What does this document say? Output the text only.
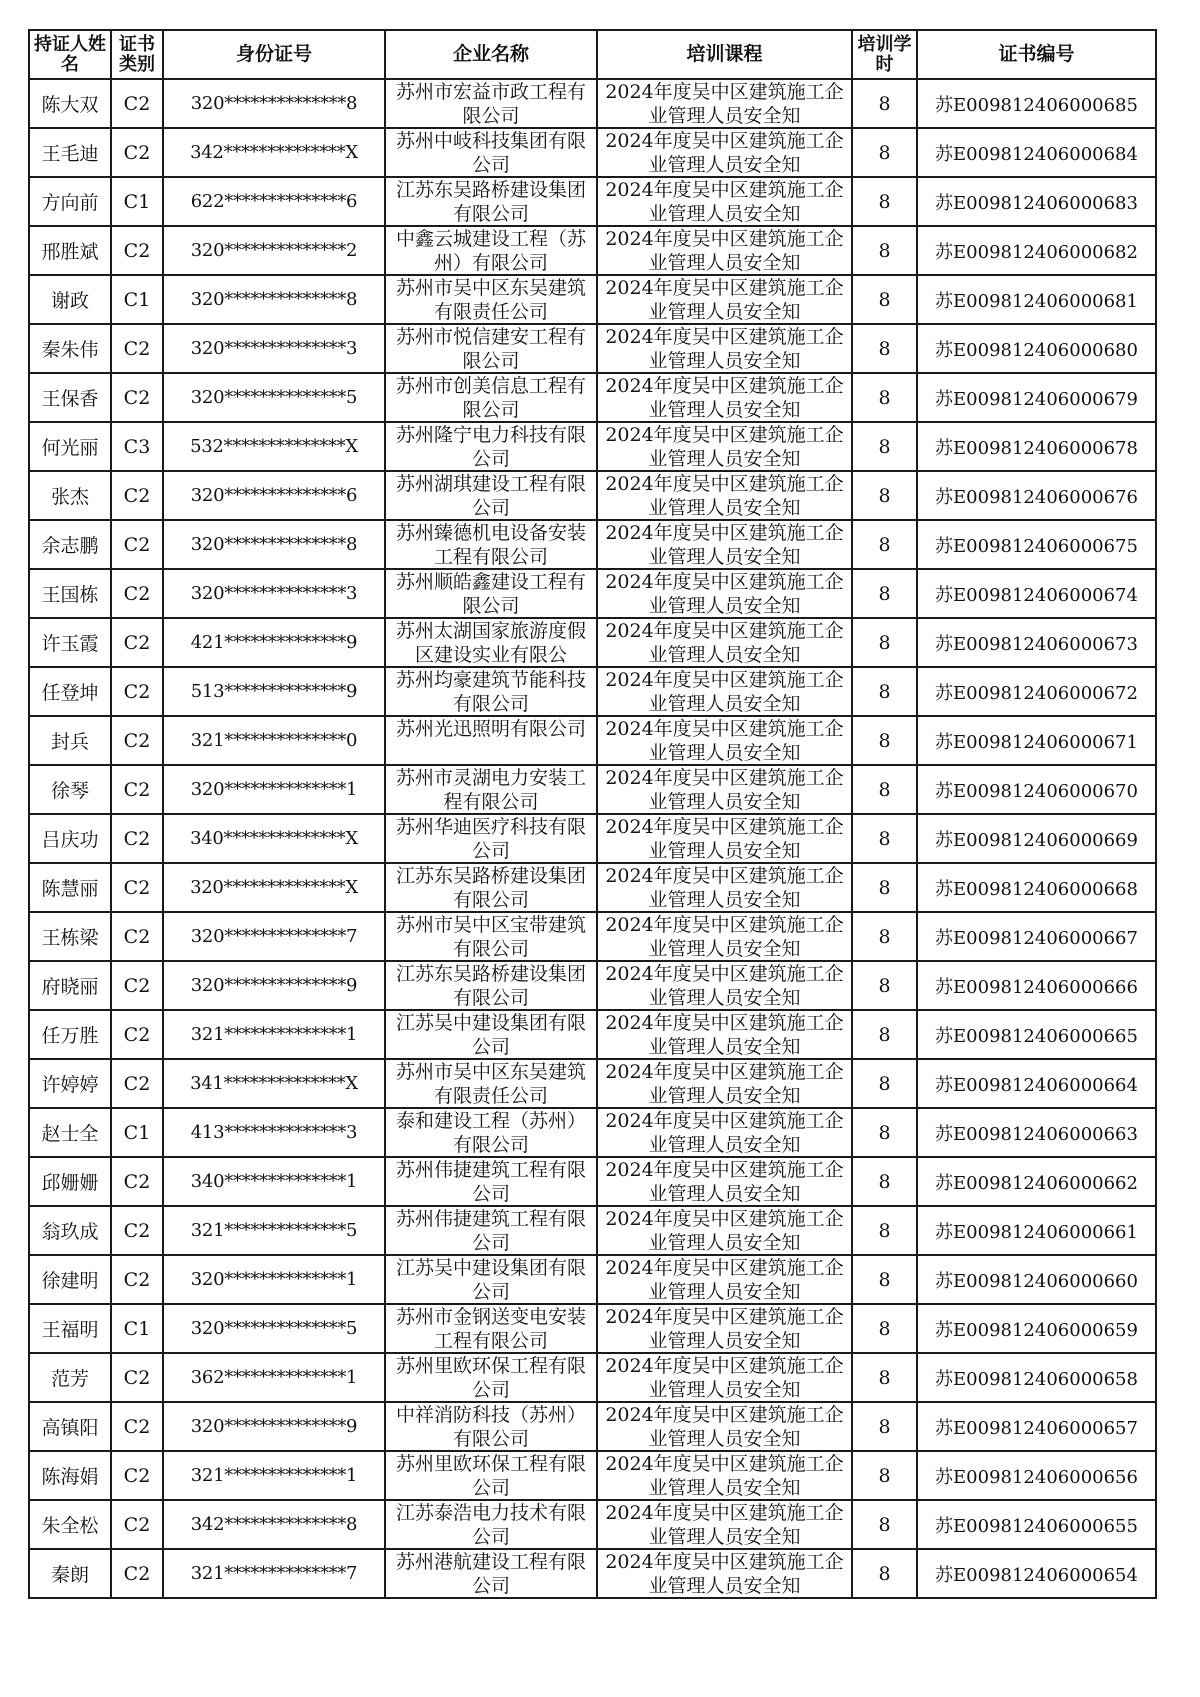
持证人姓名	证书类别	身份证号	企业名称	培训课程	培训学时	证书编号
陈大双	C2	320**************8	苏州市宏益市政工程有限公司	2024年度吴中区建筑施工企业管理人员安全知	8	苏E009812406000685
王毛迪	C2	342**************X	苏州中岐科技集团有限公司	2024年度吴中区建筑施工企业管理人员安全知	8	苏E009812406000684
方向前	C1	622**************6	江苏东吴路桥建设集团有限公司	2024年度吴中区建筑施工企业管理人员安全知	8	苏E009812406000683
邢胜斌	C2	320**************2	中鑫云城建设工程（苏州）有限公司	2024年度吴中区建筑施工企业管理人员安全知	8	苏E009812406000682
谢政	C1	320**************8	苏州市吴中区东吴建筑有限责任公司	2024年度吴中区建筑施工企业管理人员安全知	8	苏E009812406000681
秦朱伟	C2	320**************3	苏州市悦信建安工程有限公司	2024年度吴中区建筑施工企业管理人员安全知	8	苏E009812406000680
王保香	C2	320**************5	苏州市创美信息工程有限公司	2024年度吴中区建筑施工企业管理人员安全知	8	苏E009812406000679
何光丽	C3	532**************X	苏州隆宁电力科技有限公司	2024年度吴中区建筑施工企业管理人员安全知	8	苏E009812406000678
张杰	C2	320**************6	苏州湖琪建设工程有限公司	2024年度吴中区建筑施工企业管理人员安全知	8	苏E009812406000676
余志鹏	C2	320**************8	苏州臻德机电设备安装工程有限公司	2024年度吴中区建筑施工企业管理人员安全知	8	苏E009812406000675
王国栋	C2	320**************3	苏州顺皓鑫建设工程有限公司	2024年度吴中区建筑施工企业管理人员安全知	8	苏E009812406000674
许玉霞	C2	421**************9	苏州太湖国家旅游度假区建设实业有限公	2024年度吴中区建筑施工企业管理人员安全知	8	苏E009812406000673
任登坤	C2	513**************9	苏州均豪建筑节能科技有限公司	2024年度吴中区建筑施工企业管理人员安全知	8	苏E009812406000672
封兵	C2	321**************0	苏州光迅照明有限公司	2024年度吴中区建筑施工企业管理人员安全知	8	苏E009812406000671
徐琴	C2	320**************1	苏州市灵湖电力安装工程有限公司	2024年度吴中区建筑施工企业管理人员安全知	8	苏E009812406000670
吕庆功	C2	340**************X	苏州华迪医疗科技有限公司	2024年度吴中区建筑施工企业管理人员安全知	8	苏E009812406000669
陈慧丽	C2	320**************X	江苏东吴路桥建设集团有限公司	2024年度吴中区建筑施工企业管理人员安全知	8	苏E009812406000668
王栋梁	C2	320**************7	苏州市吴中区宝带建筑有限公司	2024年度吴中区建筑施工企业管理人员安全知	8	苏E009812406000667
府晓丽	C2	320**************9	江苏东吴路桥建设集团有限公司	2024年度吴中区建筑施工企业管理人员安全知	8	苏E009812406000666
任万胜	C2	321**************1	江苏吴中建设集团有限公司	2024年度吴中区建筑施工企业管理人员安全知	8	苏E009812406000665
许婷婷	C2	341**************X	苏州市吴中区东吴建筑有限责任公司	2024年度吴中区建筑施工企业管理人员安全知	8	苏E009812406000664
赵士全	C1	413**************3	泰和建设工程（苏州）有限公司	2024年度吴中区建筑施工企业管理人员安全知	8	苏E009812406000663
邱姗姗	C2	340**************1	苏州伟捷建筑工程有限公司	2024年度吴中区建筑施工企业管理人员安全知	8	苏E009812406000662
翁玖成	C2	321**************5	苏州伟捷建筑工程有限公司	2024年度吴中区建筑施工企业管理人员安全知	8	苏E009812406000661
徐建明	C2	320**************1	江苏吴中建设集团有限公司	2024年度吴中区建筑施工企业管理人员安全知	8	苏E009812406000660
王福明	C1	320**************5	苏州市金钢送变电安装工程有限公司	2024年度吴中区建筑施工企业管理人员安全知	8	苏E009812406000659
范芳	C2	362**************1	苏州里欧环保工程有限公司	2024年度吴中区建筑施工企业管理人员安全知	8	苏E009812406000658
高镇阳	C2	320**************9	中祥消防科技（苏州）有限公司	2024年度吴中区建筑施工企业管理人员安全知	8	苏E009812406000657
陈海娟	C2	321**************1	苏州里欧环保工程有限公司	2024年度吴中区建筑施工企业管理人员安全知	8	苏E009812406000656
朱全松	C2	342**************8	江苏泰浩电力技术有限公司	2024年度吴中区建筑施工企业管理人员安全知	8	苏E009812406000655
秦朗	C2	321**************7	苏州港航建设工程有限公司	2024年度吴中区建筑施工企业管理人员安全知	8	苏E009812406000654
